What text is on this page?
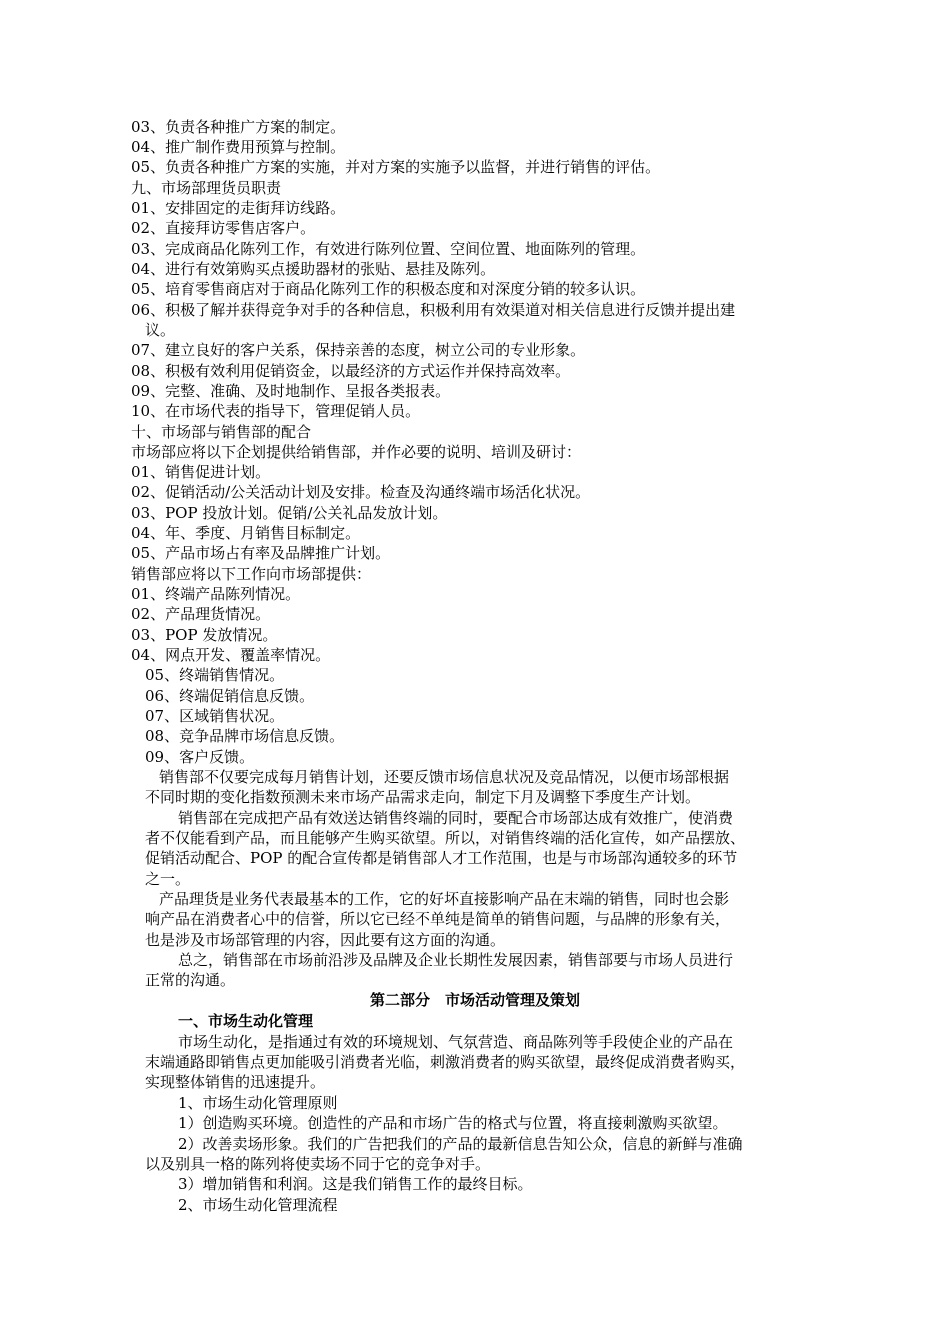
第二部分　市场活动管理及策划
一、市场生动化管理
03、负责各种推广方案的制定。
04、推广制作费用预算与控制。
05、负责各种推广方案的实施，并对方案的实施予以监督，并进行销售的评估。
九、市场部理货员职责
01、安排固定的走街拜访线路。
02、直接拜访零售店客户。
03、完成商品化陈列工作，有效进行陈列位置、空间位置、地面陈列的管理。
04、进行有效第购买点援助器材的张贴、悬挂及陈列。
05、培育零售商店对于商品化陈列工作的积极态度和对深度分销的较多认识。
06、积极了解并获得竞争对手的各种信息，积极利用有效渠道对相关信息进行反馈并提出建
议。
07、建立良好的客户关系，保持亲善的态度，树立公司的专业形象。
08、积极有效利用促销资金，以最经济的方式运作并保持高效率。
09、完整、准确、及时地制作、呈报各类报表。
10、在市场代表的指导下，管理促销人员。
十、市场部与销售部的配合
市场部应将以下企划提供给销售部，并作必要的说明、培训及研讨：
01、销售促进计划。
02、促销活动/公关活动计划及安排。检查及沟通终端市场活化状况。
03、POP 投放计划。促销/公关礼品发放计划。
04、年、季度、月销售目标制定。
05、产品市场占有率及品牌推广计划。
销售部应将以下工作向市场部提供：
01、终端产品陈列情况。
02、产品理货情况。
03、POP 发放情况。
04、网点开发、覆盖率情况。
05、终端销售情况。
06、终端促销信息反馈。
07、区域销售状况。
08、竞争品牌市场信息反馈。
09、客户反馈。
销售部不仅要完成每月销售计划，还要反馈市场信息状况及竞品情况，以便市场部根据
不同时期的变化指数预测未来市场产品需求走向，制定下月及调整下季度生产计划。
销售部在完成把产品有效送达销售终端的同时，要配合市场部达成有效推广，使消费
者不仅能看到产品，而且能够产生购买欲望。所以，对销售终端的活化宣传，如产品摆放、
促销活动配合、POP 的配合宣传都是销售部人才工作范围，也是与市场部沟通较多的环节
之一。
产品理货是业务代表最基本的工作，它的好坏直接影响产品在末端的销售，同时也会影
响产品在消费者心中的信誉，所以它已经不单纯是简单的销售问题，与品牌的形象有关，
也是涉及市场部管理的内容，因此要有这方面的沟通。
总之，销售部在市场前沿涉及品牌及企业长期性发展因素，销售部要与市场人员进行
正常的沟通。
市场生动化，是指通过有效的环境规划、气氛营造、商品陈列等手段使企业的产品在
末端通路即销售点更加能吸引消费者光临，刺激消费者的购买欲望，最终促成消费者购买，
实现整体销售的迅速提升。
1、市场生动化管理原则
1）创造购买环境。创造性的产品和市场广告的格式与位置，将直接刺激购买欲望。
2）改善卖场形象。我们的广告把我们的产品的最新信息告知公众，信息的新鲜与准确
以及别具一格的陈列将使卖场不同于它的竞争对手。
3）增加销售和利润。这是我们销售工作的最终目标。
2、市场生动化管理流程
